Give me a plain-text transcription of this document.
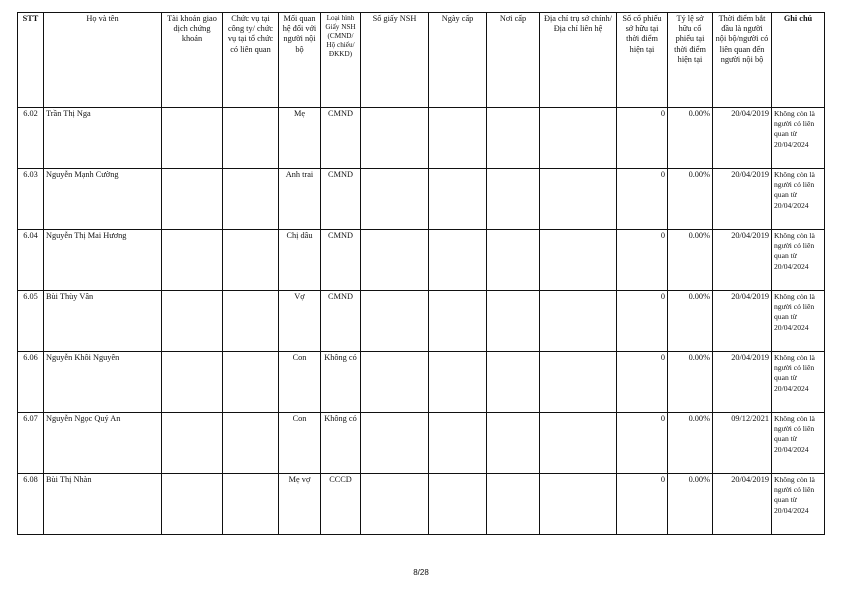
STT	Họ và tên	Tài khoản giao dịch chứng khoán	Chức vụ tại công ty/ chức vụ tại tổ chức có liên quan	Mối quan hệ đối với người nội bộ	Loại hình Giấy NSH (CMND/ Hộ chiếu/ ĐKKD)	Số giấy NSH	Ngày cấp	Nơi cấp	Địa chỉ trụ sở chính/Địa chỉ liên hệ	Số cổ phiếu sở hữu tại thời điểm hiện tại	Tỷ lệ sở hữu cổ phiếu tại thời điểm hiện tại	Thời điểm bắt đầu là người nội bộ/người có liên quan đến người nội bộ	Ghi chú
6.02	Trần Thị Nga			Mẹ	CMND					0	0.00%	20/04/2019	Không còn là người có liên quan từ 20/04/2024
6.03	Nguyễn Mạnh Cường			Anh trai	CMND					0	0.00%	20/04/2019	Không còn là người có liên quan từ 20/04/2024
6.04	Nguyễn Thị Mai Hương			Chị dâu	CMND					0	0.00%	20/04/2019	Không còn là người có liên quan từ 20/04/2024
6.05	Bùi Thùy Vân			Vợ	CMND					0	0.00%	20/04/2019	Không còn là người có liên quan từ 20/04/2024
6.06	Nguyễn Khôi Nguyên			Con	Không có					0	0.00%	20/04/2019	Không còn là người có liên quan từ 20/04/2024
6.07	Nguyễn Ngọc Quý An			Con	Không có					0	0.00%	09/12/2021	Không còn là người có liên quan từ 20/04/2024
6.08	Bùi Thị Nhàn			Mẹ vợ	CCCD					0	0.00%	20/04/2019	Không còn là người có liên quan từ 20/04/2024
8/28
